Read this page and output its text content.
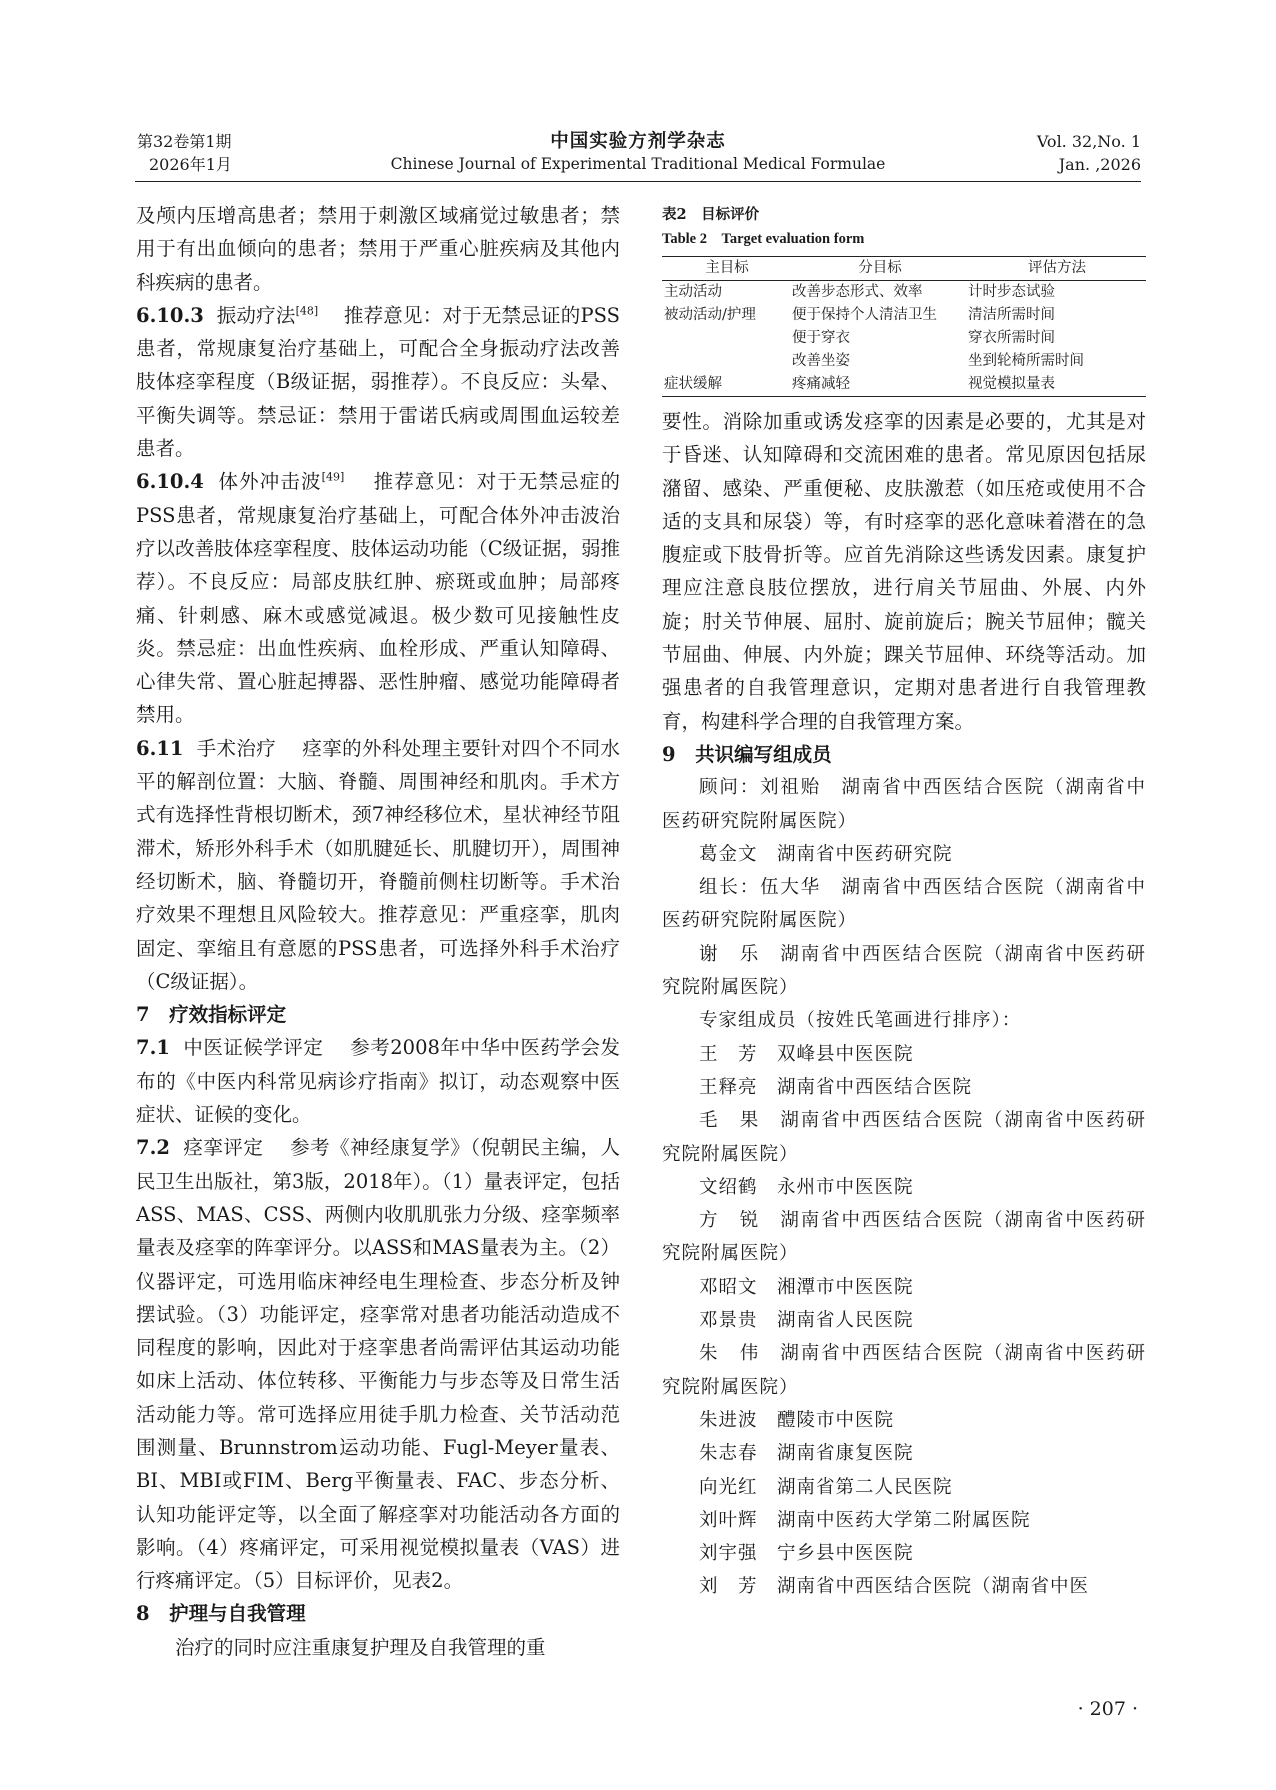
第32卷第1期
2026年1月
中国实验方剂学杂志
Chinese Journal of Experimental Traditional Medical Formulae
Vol. 32,No. 1
Jan. ,2026

及颅内压增高患者；禁用于刺激区域痛觉过敏患者；禁用于有出血倾向的患者；禁用于严重心脏疾病及其他内科疾病的患者。

6.10.3 振动疗法[48] 推荐意见：对于无禁忌证的PSS患者，常规康复治疗基础上，可配合全身振动疗法改善肢体痉挛程度（B级证据，弱推荐）。不良反应：头晕、平衡失调等。禁忌证：禁用于雷诺氏病或周围血运较差患者。

6.10.4 体外冲击波[49] 推荐意见：对于无禁忌症的PSS患者，常规康复治疗基础上，可配合体外冲击波治疗以改善肢体痉挛程度、肢体运动功能（C级证据，弱推荐）。不良反应：局部皮肤红肿、瘀斑或血肿；局部疼痛、针刺感、麻木或感觉减退。极少数可见接触性皮炎。禁忌症：出血性疾病、血栓形成、严重认知障碍、心律失常、置心脏起搏器、恶性肿瘤、感觉功能障碍者禁用。

6.11 手术治疗 痉挛的外科处理主要针对四个不同水平的解剖位置：大脑、脊髓、周围神经和肌肉。手术方式有选择性背根切断术，颈7神经移位术，星状神经节阻滞术，矫形外科手术（如肌腱延长、肌腱切开），周围神经切断术，脑、脊髓切开，脊髓前侧柱切断等。手术治疗效果不理想且风险较大。推荐意见：严重痉挛，肌肉固定、挛缩且有意愿的PSS患者，可选择外科手术治疗（C级证据）。

7　疗效指标评定

7.1 中医证候学评定 参考2008年中华中医药学会发布的《中医内科常见病诊疗指南》拟订，动态观察中医症状、证候的变化。

7.2 痉挛评定 参考《神经康复学》（倪朝民主编，人民卫生出版社，第3版，2018年）。（1）量表评定，包括ASS、MAS、CSS、两侧内收肌肌张力分级、痉挛频率量表及痉挛的阵挛评分。以ASS和MAS量表为主。（2）仪器评定，可选用临床神经电生理检查、步态分析及钟摆试验。（3）功能评定，痉挛常对患者功能活动造成不同程度的影响，因此对于痉挛患者尚需评估其运动功能如床上活动、体位转移、平衡能力与步态等及日常生活活动能力等。常可选择应用徒手肌力检查、关节活动范围测量、Brunnstrom运动功能、Fugl-Meyer量表、BI、MBI或FIM、Berg平衡量表、FAC、步态分析、认知功能评定等，以全面了解痉挛对功能活动各方面的影响。（4）疼痛评定，可采用视觉模拟量表（VAS）进行疼痛评定。（5）目标评价，见表2。

8　护理与自我管理

治疗的同时应注重康复护理及自我管理的重

表2　目标评价

Table 2　Target evaluation form

主目标	分目标	评估方法
主动活动	改善步态形式、效率	计时步态试验
被动活动/护理	便于保持个人清洁卫生	清洁所需时间
	便于穿衣	穿衣所需时间
	改善坐姿	坐到轮椅所需时间
症状缓解	疼痛减轻	视觉模拟量表

要性。消除加重或诱发痉挛的因素是必要的，尤其是对于昏迷、认知障碍和交流困难的患者。常见原因包括尿潴留、感染、严重便秘、皮肤激惹（如压疮或使用不合适的支具和尿袋）等，有时痉挛的恶化意味着潜在的急腹症或下肢骨折等。应首先消除这些诱发因素。康复护理应注意良肢位摆放，进行肩关节屈曲、外展、内外旋；肘关节伸展、屈肘、旋前旋后；腕关节屈伸；髋关节屈曲、伸展、内外旋；踝关节屈伸、环绕等活动。加强患者的自我管理意识，定期对患者进行自我管理教育，构建科学合理的自我管理方案。

9　共识编写组成员

顾问：刘祖贻　湖南省中西医结合医院（湖南省中医药研究院附属医院）

葛金文　湖南省中医药研究院

组长：伍大华　湖南省中西医结合医院（湖南省中医药研究院附属医院）

谢　乐　湖南省中西医结合医院（湖南省中医药研究院附属医院）

专家组成员（按姓氏笔画进行排序）：

王　芳　双峰县中医医院

王释亮　湖南省中西医结合医院

毛　果　湖南省中西医结合医院（湖南省中医药研究院附属医院）

文绍鹤　永州市中医医院

方　锐　湖南省中西医结合医院（湖南省中医药研究院附属医院）

邓昭文　湘潭市中医医院

邓景贵　湖南省人民医院

朱　伟　湖南省中西医结合医院（湖南省中医药研究院附属医院）

朱进波　醴陵市中医院

朱志春　湖南省康复医院

向光红　湖南省第二人民医院

刘叶辉　湖南中医药大学第二附属医院

刘宇强　宁乡县中医医院

刘　芳　湖南省中西医结合医院（湖南省中医

· 207 ·
